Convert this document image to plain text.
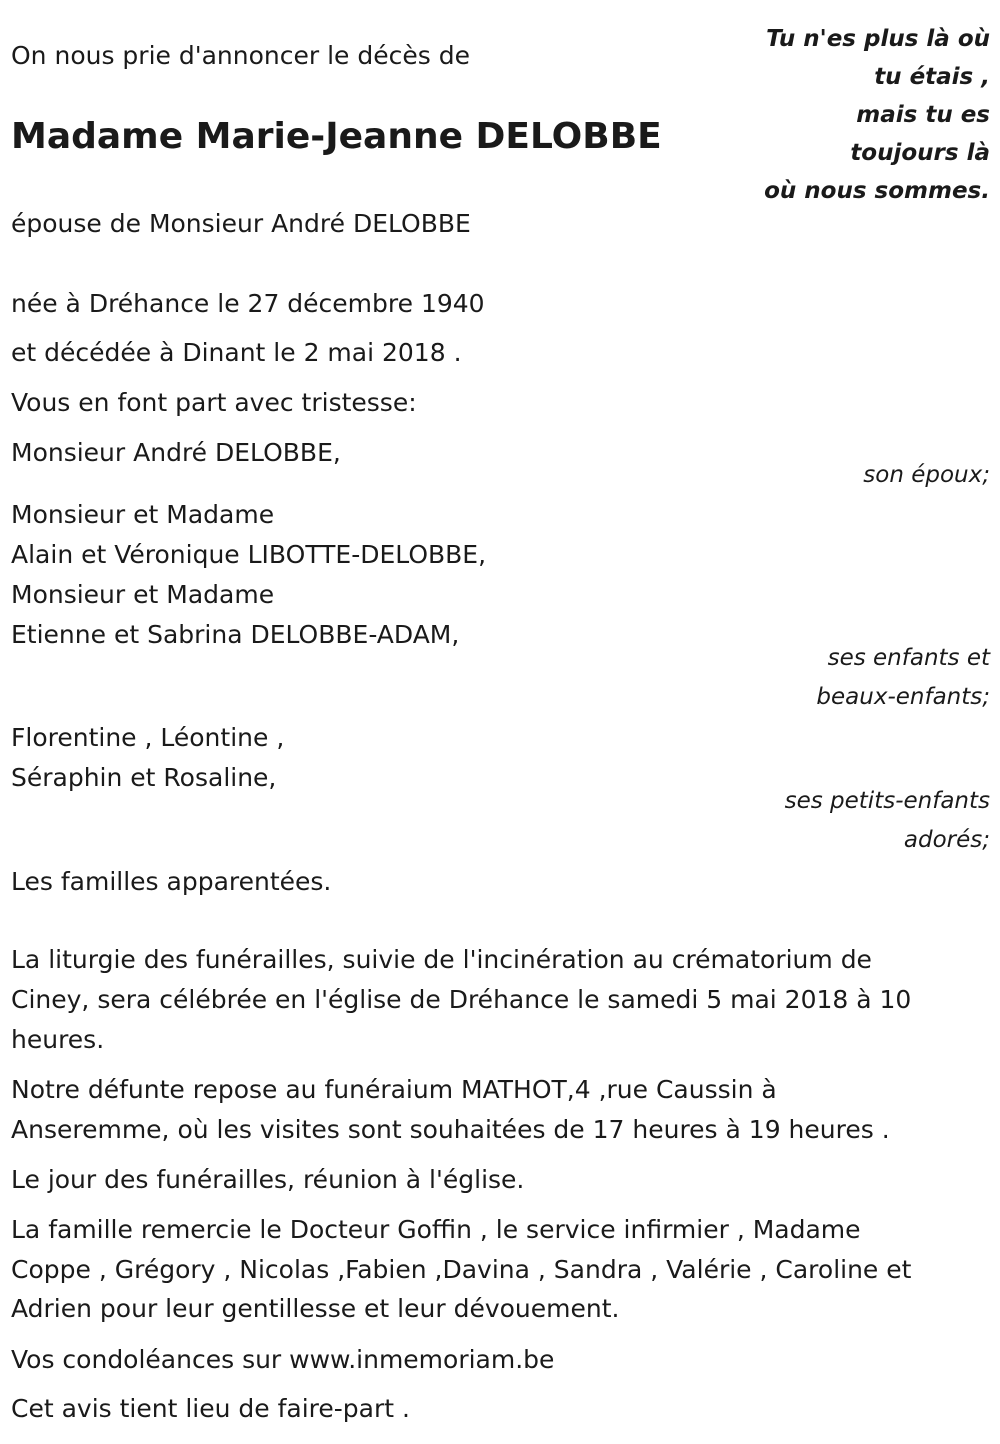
On nous prie d'annoncer le décès de
Madame Marie-Jeanne DELOBBE
Tu n'es plus là où
tu étais ,
mais tu es
toujours là
où nous sommes.
épouse de Monsieur André DELOBBE
née à Dréhance le 27 décembre 1940
et décédée à Dinant le 2 mai 2018 .
Vous en font part avec tristesse:
Monsieur André DELOBBE,
son époux;
Monsieur et Madame
Alain et Véronique LIBOTTE-DELOBBE,
Monsieur et Madame
Etienne et Sabrina DELOBBE-ADAM,
ses enfants et
beaux-enfants;
Florentine , Léontine ,
Séraphin et Rosaline,
ses petits-enfants
adorés;
Les familles apparentées.
La liturgie des funérailles, suivie de l'incinération au crématorium de
Ciney, sera célébrée en l'église de Dréhance le samedi 5 mai 2018 à 10
heures.
Notre défunte repose au funéraium MATHOT,4 ,rue Caussin à
Anseremme, où les visites sont souhaitées de 17 heures à 19 heures .
Le jour des funérailles, réunion à l'église.
La famille remercie le Docteur Goffin , le service infirmier , Madame
Coppe , Grégory , Nicolas ,Fabien ,Davina , Sandra , Valérie , Caroline et
Adrien pour leur gentillesse et leur dévouement.
Vos condoléances sur www.inmemoriam.be
Cet avis tient lieu de faire-part .
